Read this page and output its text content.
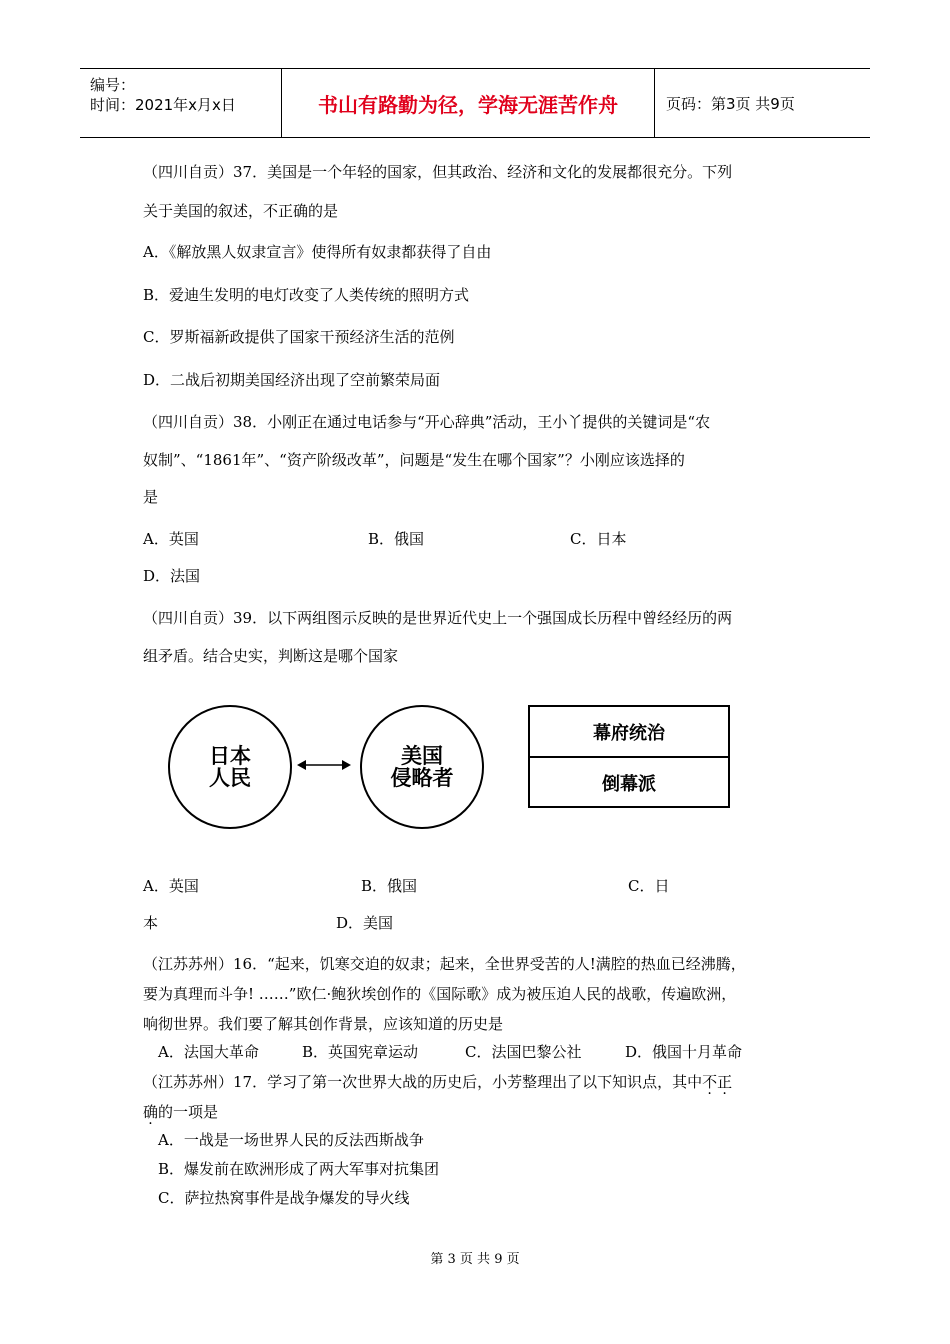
编号：
时间：2021年x月x日	书山有路勤为径，学海无涯苦作舟	页码：第3页 共9页
（四川自贡）37．美国是一个年轻的国家，但其政治、经济和文化的发展都很充分。下列
关于美国的叙述，不正确的是
A．《解放黑人奴隶宣言》使得所有奴隶都获得了自由
B．爱迪生发明的电灯改变了人类传统的照明方式
C．罗斯福新政提供了国家干预经济生活的范例
D．二战后初期美国经济出现了空前繁荣局面
（四川自贡）38．小刚正在通过电话参与“开心辞典”活动，王小丫提供的关键词是“农
奴制”、“1861年”、“资产阶级改革”，问题是“发生在哪个国家”？小刚应该选择的
是
A．英国	B．俄国	C．日本
D．法国
（四川自贡）39．以下两组图示反映的是世界近代史上一个强国成长历程中曾经经历的两
组矛盾。结合史实，判断这是哪个国家
日本
人民
美国
侵略者
幕府统治
倒幕派
A．英国	B．俄国	C．日
本	D．美国
（江苏苏州）16．“起来，饥寒交迫的奴隶；起来，全世界受苦的人!满腔的热血已经沸腾，
要为真理而斗争! ……”欧仁·鲍狄埃创作的《国际歌》成为被压迫人民的战歌，传遍欧洲，
响彻世界。我们要了解其创作背景，应该知道的历史是
A．法国大革命	B．英国宪章运动	C．法国巴黎公社	D．俄国十月革命
（江苏苏州）17．学习了第一次世界大战的历史后，小芳整理出了以下知识点，其中不正
确的一项是
A．一战是一场世界人民的反法西斯战争
B．爆发前在欧洲形成了两大军事对抗集团
C．萨拉热窝事件是战争爆发的导火线
第 3 页 共 9 页
